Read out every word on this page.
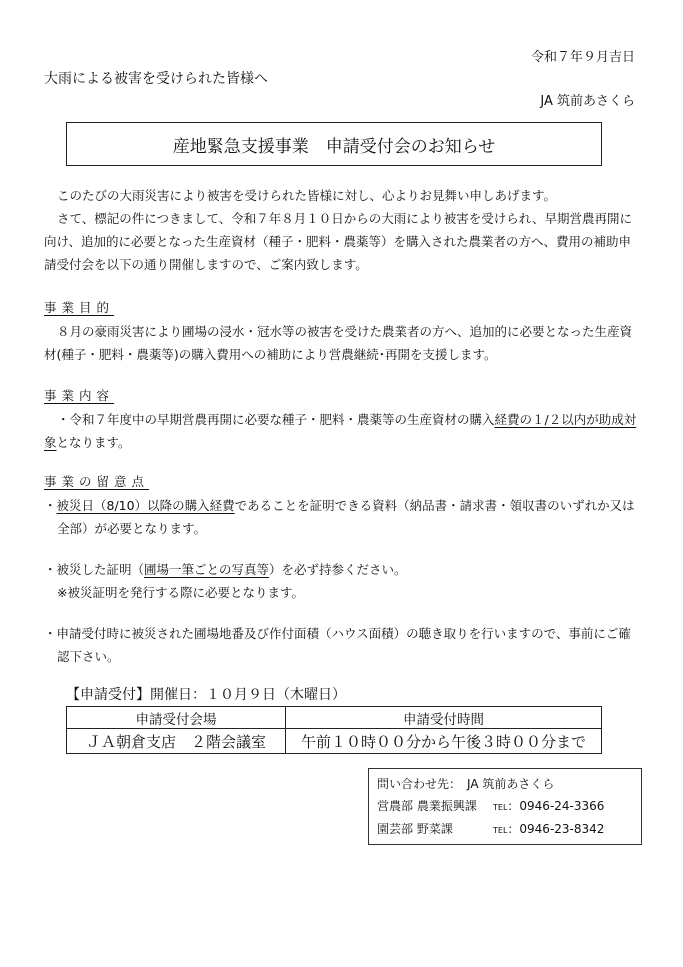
令和７年９月吉日
大雨による被害を受けられた皆様へ
JA 筑前あさくら
産地緊急支援事業　申請受付会のお知らせ
このたびの大雨災害により被害を受けられた皆様に対し、心よりお見舞い申しあげます。
さて、標記の件につきまして、令和７年８月１０日からの大雨により被害を受けられ、早期営農再開に向け、追加的に必要となった生産資材（種子・肥料・農薬等）を購入された農業者の方へ、費用の補助申請受付会を以下の通り開催しますので、ご案内致します。
事業目的
８月の豪雨災害により圃場の浸水・冠水等の被害を受けた農業者の方へ、追加的に必要となった生産資材(種子・肥料・農薬等)の購入費用への補助により営農継続･再開を支援します。
事業内容
・令和７年度中の早期営農再開に必要な種子・肥料・農薬等の生産資材の購入経費の１/２以内が助成対象となります。
事業の留意点
・被災日（8/10）以降の購入経費であることを証明できる資料（納品書・請求書・領収書のいずれか又は全部）が必要となります。
・被災した証明（圃場一筆ごとの写真等）を必ず持参ください。
※被災証明を発行する際に必要となります。
・申請受付時に被災された圃場地番及び作付面積（ハウス面積）の聴き取りを行いますので、事前にご確認下さい。
【申請受付】開催日：１０月９日（木曜日）
申請受付会場	申請受付時間
ＪＡ朝倉支店　２階会議室	午前１０時００分から午後３時００分まで
問い合わせ先：　JA 筑前あさくら
営農部 農業振興課 TEL：0946-24-3366
園芸部 野菜課	TEL：0946-23-8342
